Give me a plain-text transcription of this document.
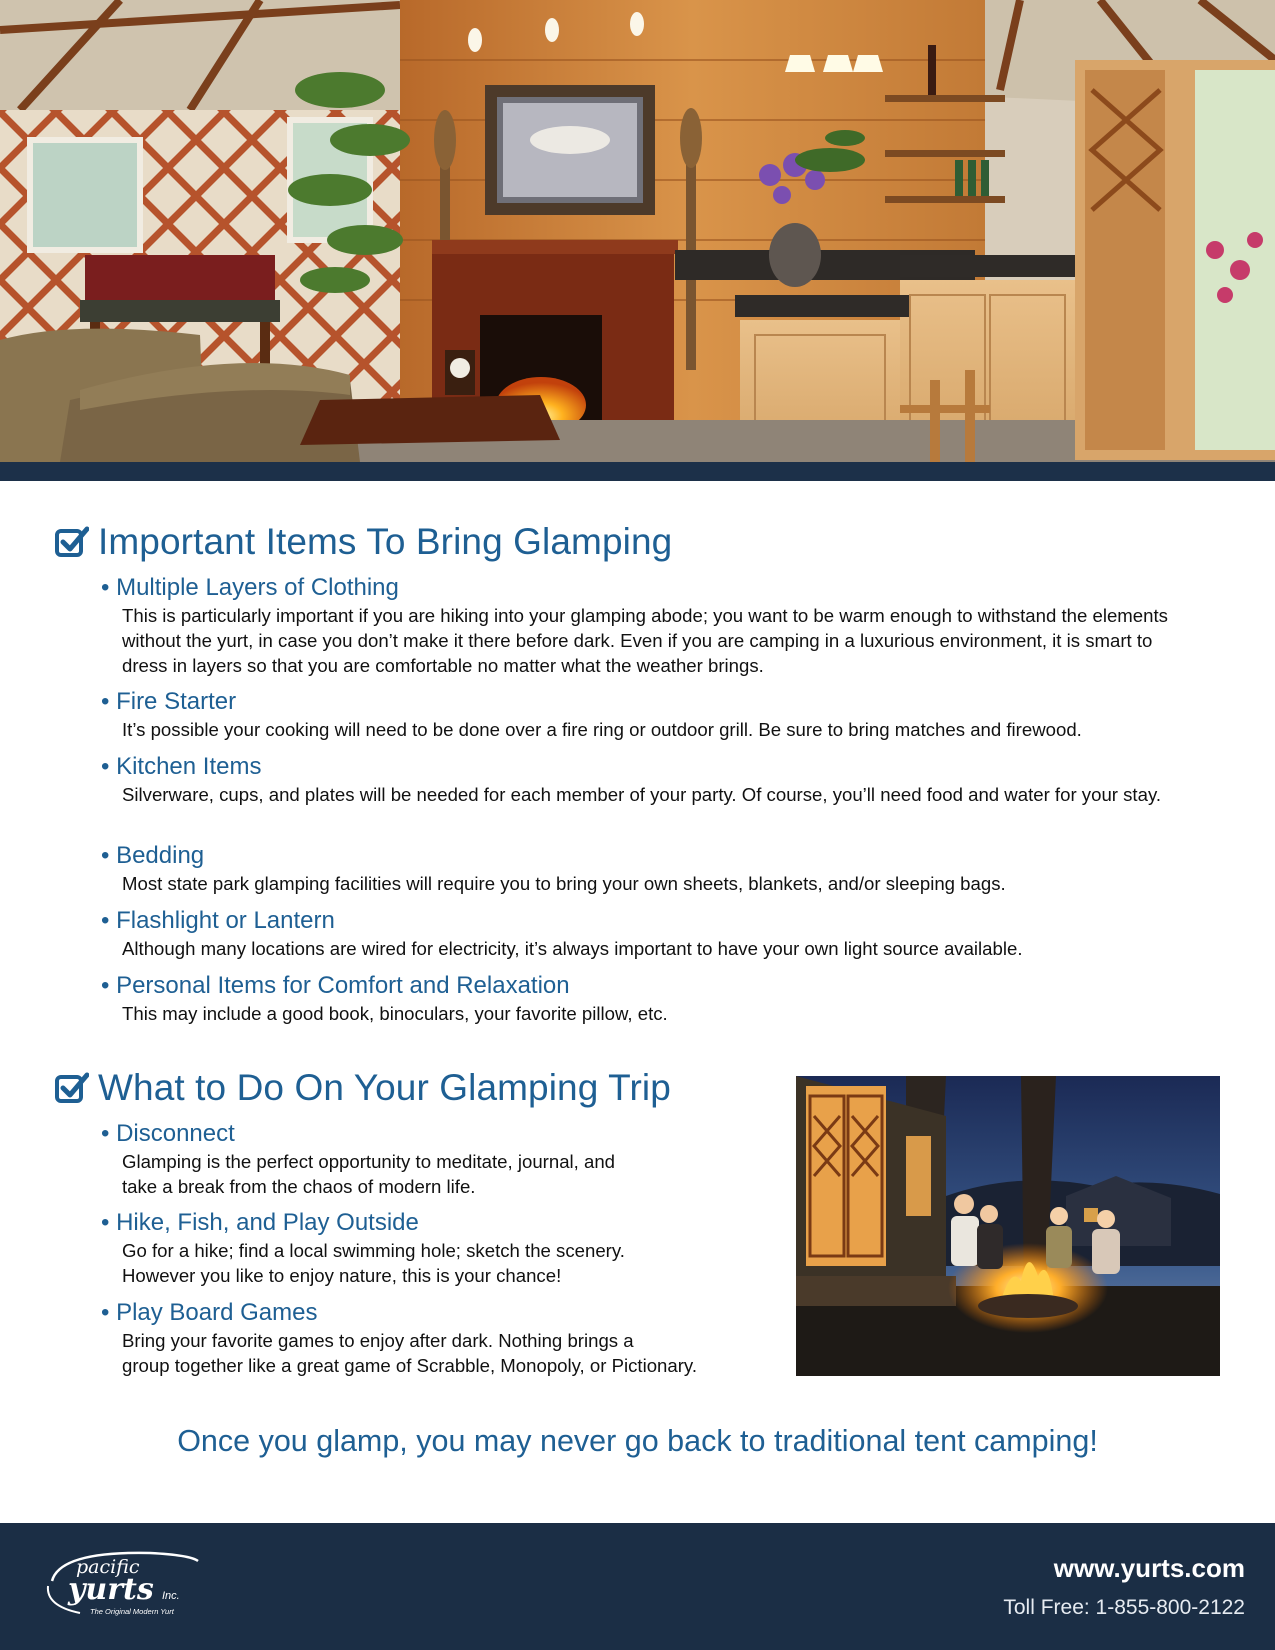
Important Items To Bring Glamping
• Multiple Layers of Clothing
This is particularly important if you are hiking into your glamping abode; you want to be warm enough to withstand the elements without the yurt, in case you don’t make it there before dark. Even if you are camping in a luxurious environment, it is smart to dress in layers so that you are comfortable no matter what the weather brings.
• Fire Starter
It’s possible your cooking will need to be done over a fire ring or outdoor grill. Be sure to bring matches and firewood.
• Kitchen Items
Silverware, cups, and plates will be needed for each member of your party. Of course, you’ll need food and water for your stay.
• Bedding
Most state park glamping facilities will require you to bring your own sheets, blankets, and/or sleeping bags.
• Flashlight or Lantern
Although many locations are wired for electricity, it’s always important to have your own light source available.
• Personal Items for Comfort and Relaxation
This may include a good book, binoculars, your favorite pillow, etc.
What to Do On Your Glamping Trip
• Disconnect
Glamping is the perfect opportunity to meditate, journal, and
take a break from the chaos of modern life.
• Hike, Fish, and Play Outside
Go for a hike; find a local swimming hole; sketch the scenery.
However you like to enjoy nature, this is your chance!
• Play Board Games
Bring your favorite games to enjoy after dark. Nothing brings a
group together like a great game of Scrabble, Monopoly, or Pictionary.
Once you glamp, you may never go back to traditional tent camping!
pacific
yurts Inc.
The Original Modern Yurt
www.yurts.com
Toll Free: 1-855-800-2122
